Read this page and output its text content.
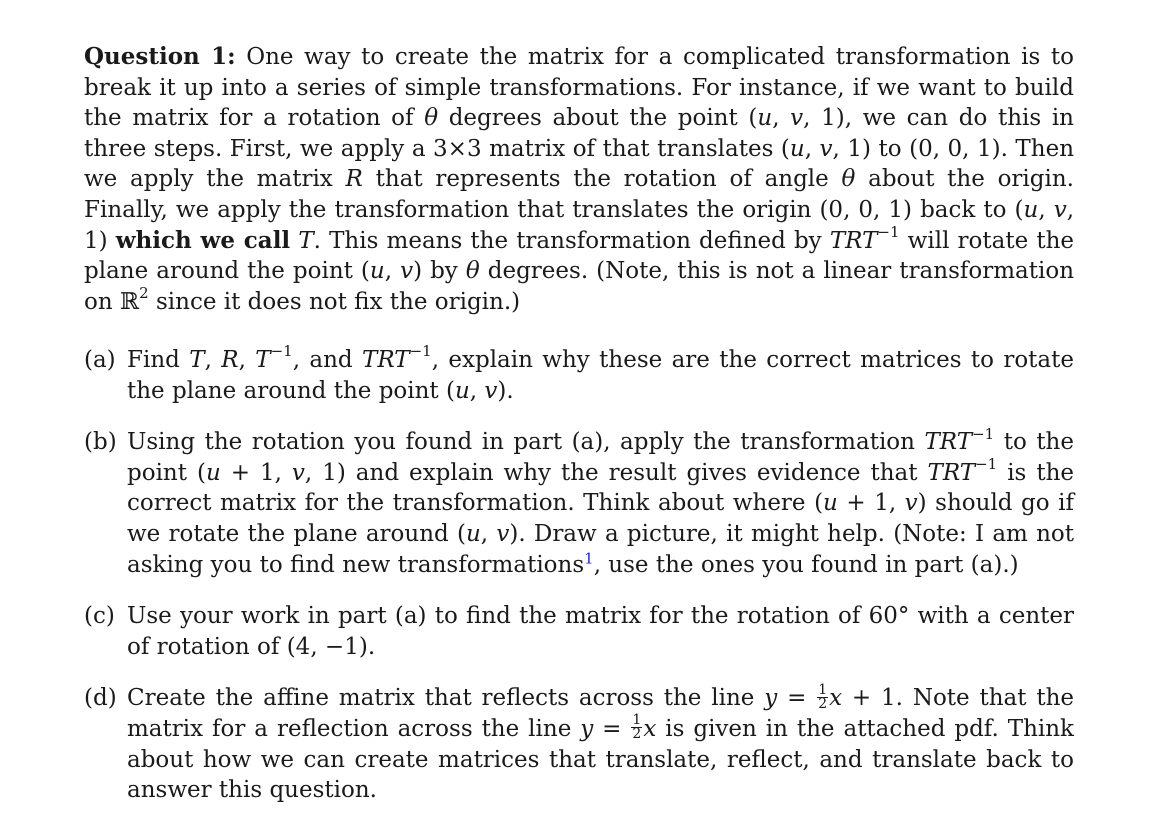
Question 1: One way to create the matrix for a complicated transformation is to break it up into a series of simple transformations. For instance, if we want to build the matrix for a rotation of θ degrees about the point (u, v, 1), we can do this in three steps. First, we apply a 3×3 matrix of that translates (u, v, 1) to (0, 0, 1). Then we apply the matrix R that represents the rotation of angle θ about the origin. Finally, we apply the transformation that translates the origin (0, 0, 1) back to (u, v, 1) which we call T. This means the transformation defined by $TRT^{-1}$ will rotate the plane around the point (u, v) by θ degrees. (Note, this is not a linear transformation on ℝ$^2$ since it does not fix the origin.)

(a) Find T, R, $T^{-1}$, and $TRT^{-1}$, explain why these are the correct matrices to rotate the plane around the point (u, v).
(b) Using the rotation you found in part (a), apply the transformation $TRT^{-1}$ to the point (u + 1, v, 1) and explain why the result gives evidence that $TRT^{-1}$ is the correct matrix for the transformation. Think about where (u + 1, v) should go if we rotate the plane around (u, v). Draw a picture, it might help. (Note: I am not asking you to find new transformations$^1$, use the ones you found in part (a).)
(c) Use your work in part (a) to find the matrix for the rotation of 60° with a center of rotation of (4, −1).
(d) Create the affine matrix that reflects across the line $y = \frac{1}{2}$ x + 1. Note that the matrix for a reflection across the line $y = \frac{1}{2}$ x is given in the attached pdf. Think about how we can create matrices that translate, reflect, and translate back to answer this question.
